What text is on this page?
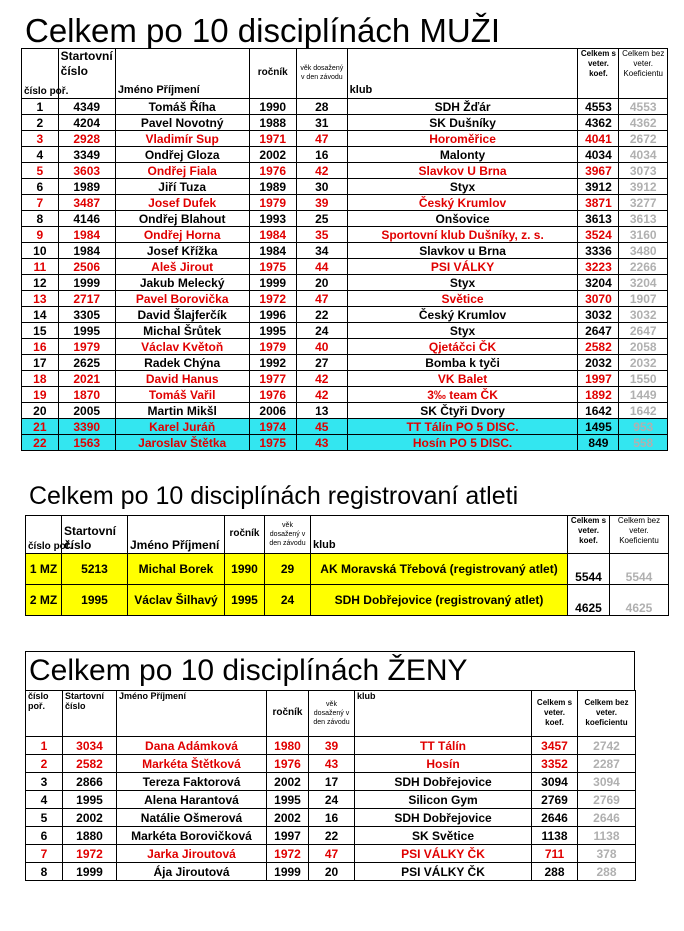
Celkem po 10 disciplínách MUŽI
číslo poř.	Startovní číslo	Jméno Příjmení	ročník	věk dosažený v den závodu	klub	Celkem s veter. koef.	Celkem bez veter. Koeficientu
1	4349	Tomáš Říha	1990	28	SDH Žďár	4553	4553
2	4204	Pavel Novotný	1988	31	SK Dušníky	4362	4362
3	2928	Vladimír Sup	1971	47	Horoměřice	4041	2672
4	3349	Ondřej Gloza	2002	16	Malonty	4034	4034
5	3603	Ondřej Fiala	1976	42	Slavkov U Brna	3967	3073
6	1989	Jiří Tuza	1989	30	Styx	3912	3912
7	3487	Josef Dufek	1979	39	Český Krumlov	3871	3277
8	4146	Ondřej Blahout	1993	25	Onšovice	3613	3613
9	1984	Ondřej Horna	1984	35	Sportovní klub Dušníky, z. s.	3524	3160
10	1984	Josef Křížka	1984	34	Slavkov u Brna	3336	3480
11	2506	Aleš Jirout	1975	44	PSI VÁLKY	3223	2266
12	1999	Jakub Melecký	1999	20	Styx	3204	3204
13	2717	Pavel Borovička	1972	47	Světice	3070	1907
14	3305	David Šlajferčík	1996	22	Český Krumlov	3032	3032
15	1995	Michal Šrůtek	1995	24	Styx	2647	2647
16	1979	Václav Květoň	1979	40	Qjetáčci ČK	2582	2058
17	2625	Radek Chýna	1992	27	Bomba k tyči	2032	2032
18	2021	David Hanus	1977	42	VK Balet	1997	1550
19	1870	Tomáš Vařil	1976	42	3‰ team ČK	1892	1449
20	2005	Martin Mikšl	2006	13	SK Čtyři Dvory	1642	1642
21	3390	Karel Juráň	1974	45	TT Tálín PO 5 DISC.	1495	953
22	1563	Jaroslav Štětka	1975	43	Hosín PO 5 DISC.	849	558
Celkem po 10 disciplínách registrovaní atleti
číslo poř.	Startovní číslo	Jméno Příjmení	ročník	věk dosažený v den závodu	klub	Celkem s veter. koef.	Celkem bez veter. Koeficientu
1 MZ	5213	Michal Borek	1990	29	AK Moravská Třebová (registrovaný atlet)	5544	5544
2 MZ	1995	Václav Šilhavý	1995	24	SDH Dobřejovice (registrovaný atlet)	4625	4625
Celkem po 10 disciplínách ŽENY
číslo poř.	Startovní číslo	Jméno Příjmení	ročník	věk dosažený v den závodu	klub	Celkem s veter. koef.	Celkem bez veter. koeficientu
1	3034	Dana Adámková	1980	39	TT Tálín	3457	2742
2	2582	Markéta Štětková	1976	43	Hosín	3352	2287
3	2866	Tereza Faktorová	2002	17	SDH Dobřejovice	3094	3094
4	1995	Alena Harantová	1995	24	Silicon Gym	2769	2769
5	2002	Natálie Ošmerová	2002	16	SDH Dobřejovice	2646	2646
6	1880	Markéta Borovičková	1997	22	SK Světice	1138	1138
7	1972	Jarka Jiroutová	1972	47	PSI VÁLKY ČK	711	378
8	1999	Ája Jiroutová	1999	20	PSI VÁLKY ČK	288	288
